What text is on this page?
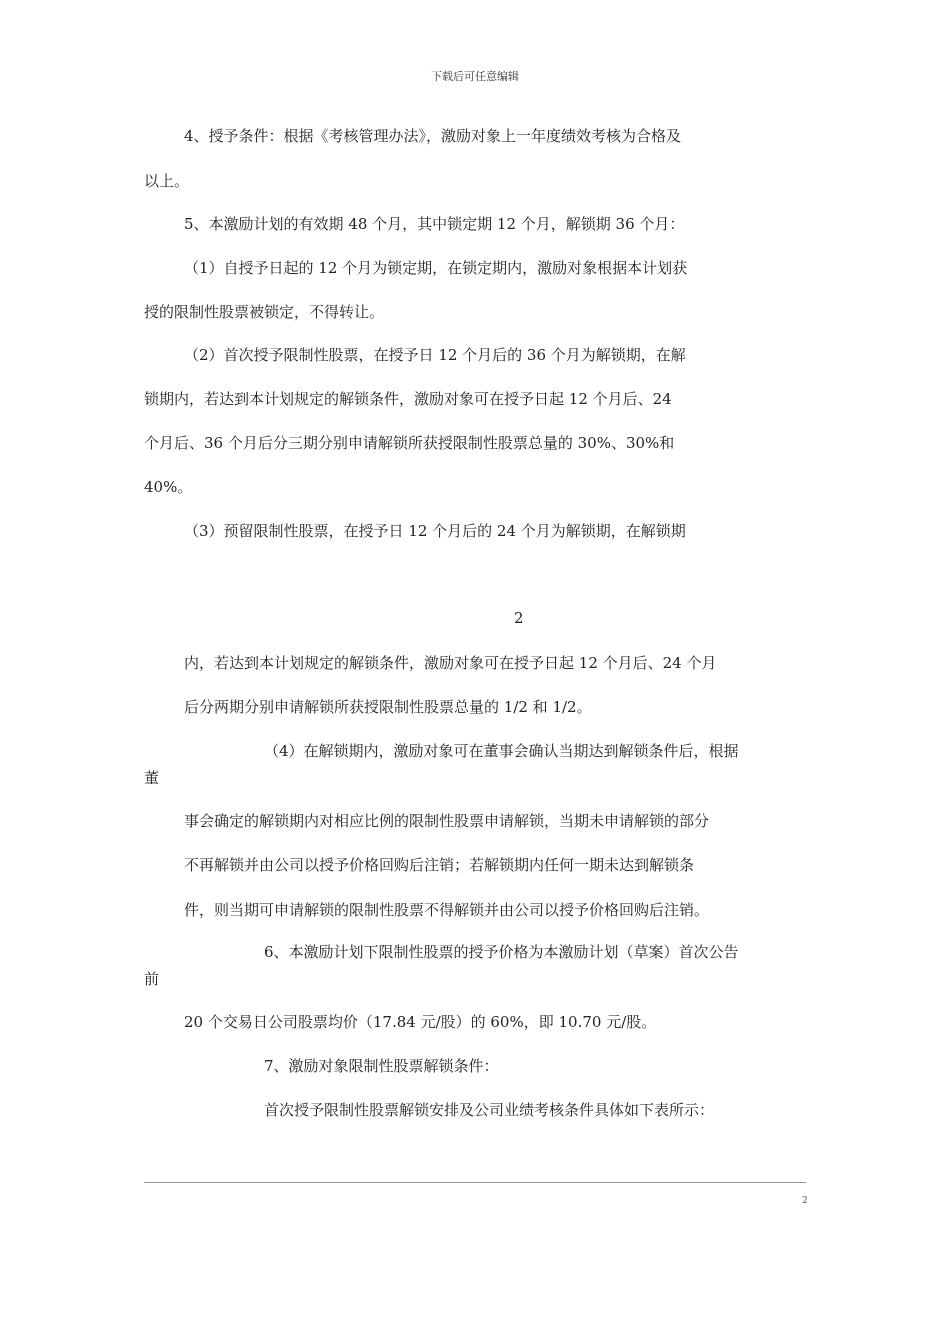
下载后可任意编辑
4、授予条件：根据《考核管理办法》，激励对象上一年度绩效考核为合格及
以上。
5、本激励计划的有效期 48 个月，其中锁定期 12 个月，解锁期 36 个月：
（1）自授予日起的 12 个月为锁定期，在锁定期内，激励对象根据本计划获
授的限制性股票被锁定，不得转让。
（2）首次授予限制性股票，在授予日 12 个月后的 36 个月为解锁期，在解
锁期内，若达到本计划规定的解锁条件，激励对象可在授予日起 12 个月后、24
个月后、36 个月后分三期分别申请解锁所获授限制性股票总量的 30%、30%和
40%。
（3）预留限制性股票，在授予日 12 个月后的 24 个月为解锁期，在解锁期
2
内，若达到本计划规定的解锁条件，激励对象可在授予日起 12 个月后、24 个月
后分两期分别申请解锁所获授限制性股票总量的 1/2 和 1/2。
（4）在解锁期内，激励对象可在董事会确认当期达到解锁条件后，根据
董
事会确定的解锁期内对相应比例的限制性股票申请解锁，当期未申请解锁的部分
不再解锁并由公司以授予价格回购后注销；若解锁期内任何一期未达到解锁条
件，则当期可申请解锁的限制性股票不得解锁并由公司以授予价格回购后注销。
6、本激励计划下限制性股票的授予价格为本激励计划（草案）首次公告
前
20 个交易日公司股票均价（17.84 元/股）的 60%，即 10.70 元/股。
7、激励对象限制性股票解锁条件：
首次授予限制性股票解锁安排及公司业绩考核条件具体如下表所示：
2
